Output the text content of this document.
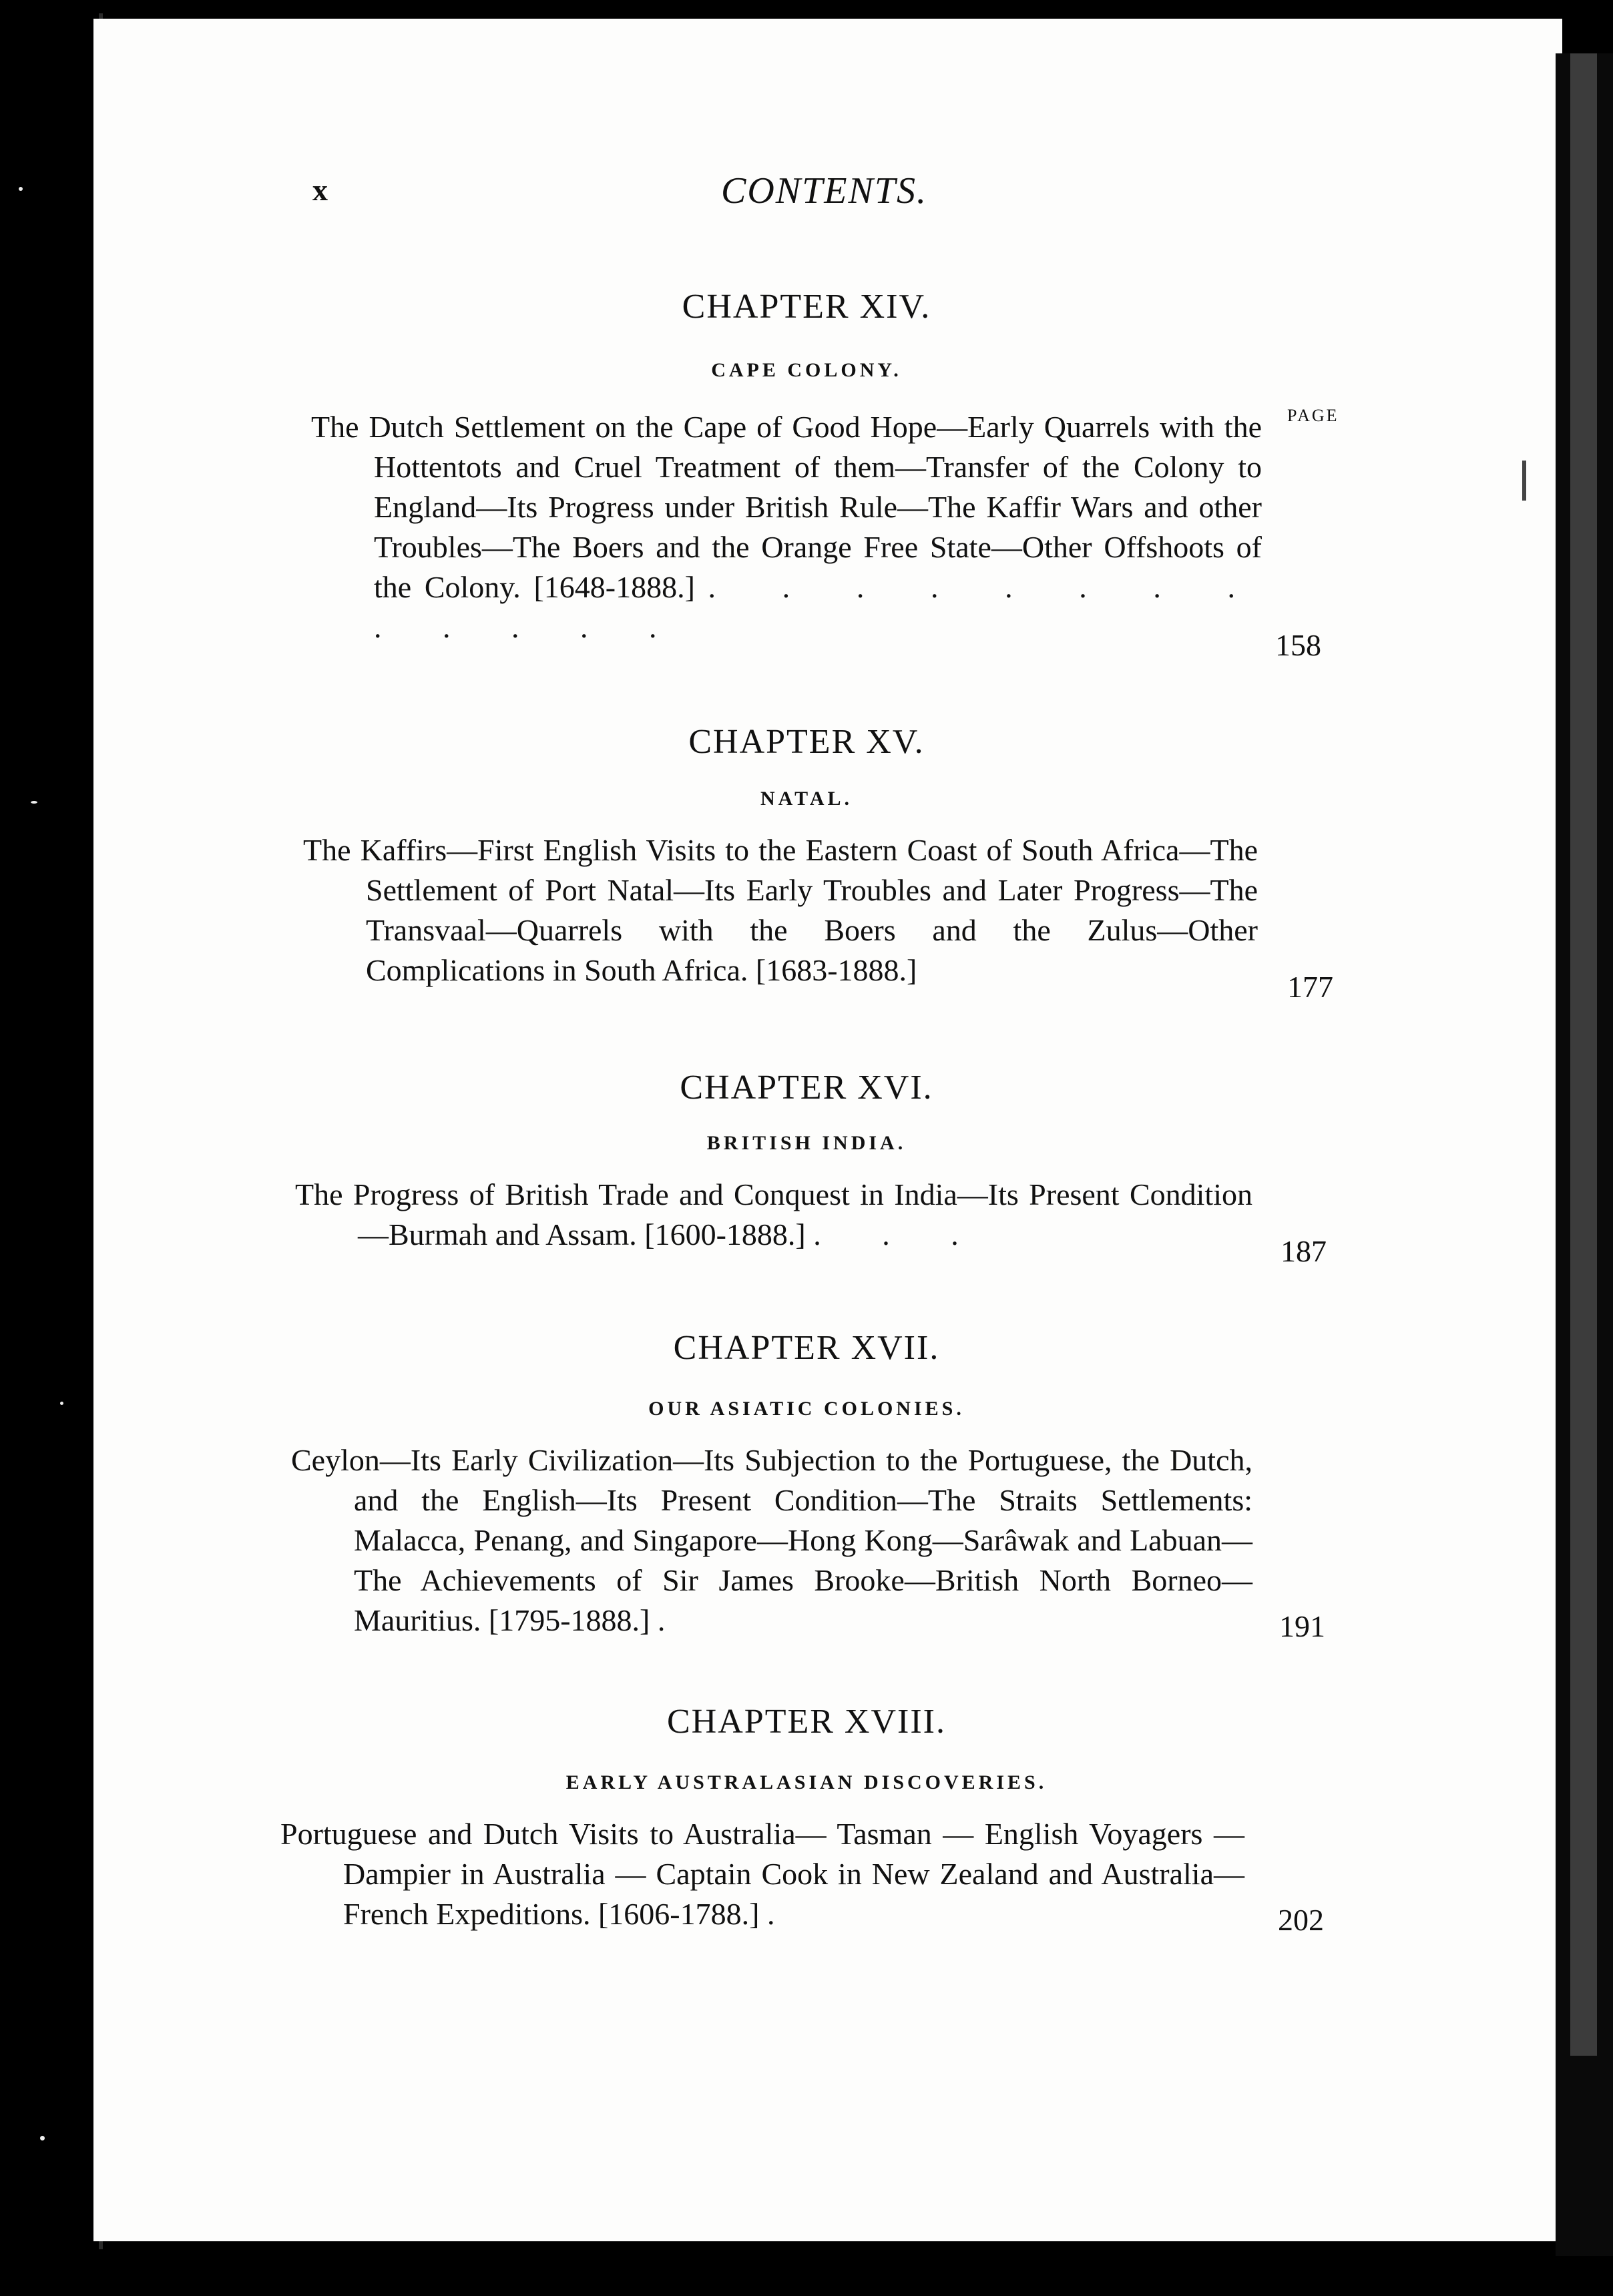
x	CONTENTS.
CHAPTER XIV.
CAPE COLONY.
PAGE
The Dutch Settlement on the Cape of Good Hope—Early Quarrels with the Hottentots and Cruel Treatment of them—Transfer of the Colony to England—Its Progress under British Rule—The Kaffir Wars and other Troubles—The Boers and the Orange Free State—Other Offshoots of the Colony. [1648-1888.] . . . . . . . . . . . . .
158
CHAPTER XV.
NATAL.
The Kaffirs—First English Visits to the Eastern Coast of South Africa—The Settlement of Port Natal—Its Early Troubles and Later Progress—The Transvaal—Quarrels with the Boers and the Zulus—Other Complications in South Africa. [1683-1888.]	177
CHAPTER XVI.
BRITISH INDIA.
The Progress of British Trade and Conquest in India—Its Present Condition—Burmah and Assam. [1600-1888.] . . .	187
CHAPTER XVII.
OUR ASIATIC COLONIES.
Ceylon—Its Early Civilization—Its Subjection to the Portuguese, the Dutch, and the English—Its Present Condition—The Straits Settlements: Malacca, Penang, and Singapore—Hong Kong—Sarâwak and Labuan—The Achievements of Sir James Brooke—British North Borneo—Mauritius. [1795-1888.] .	191
CHAPTER XVIII.
EARLY AUSTRALASIAN DISCOVERIES.
Portuguese and Dutch Visits to Australia— Tasman — English Voyagers — Dampier in Australia — Captain Cook in New Zealand and Australia—French Expeditions. [1606-1788.] .	202
